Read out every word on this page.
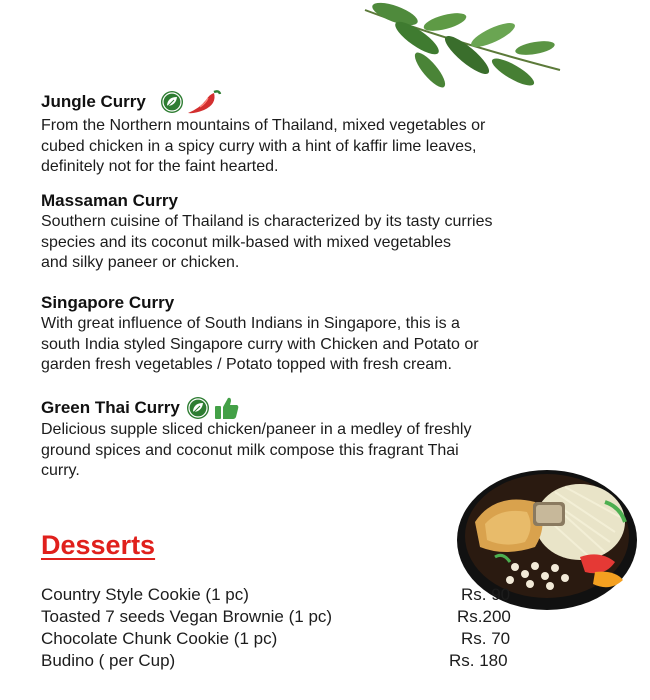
Jungle Curry
From the Northern mountains of Thailand, mixed vegetables or
cubed chicken in a spicy curry with a hint of kaffir lime leaves,
definitely not for the faint hearted.
Massaman Curry
Southern cuisine of Thailand is characterized by its tasty curries
species and its coconut milk-based with mixed vegetables
and silky paneer or chicken.
Singapore Curry
With great influence of South Indians in Singapore, this is a
south India styled Singapore curry with Chicken and Potato or
garden fresh vegetables / Potato topped with fresh cream.
Green Thai Curry
Delicious supple sliced chicken/paneer in a medley of freshly
ground spices and coconut milk compose this fragrant Thai
curry.
Desserts
Country Style Cookie (1 pc)	Rs. 90
Toasted 7 seeds Vegan Brownie (1 pc)	Rs.200
Chocolate Chunk Cookie (1 pc)	Rs. 70
Budino ( per Cup)	Rs. 180
